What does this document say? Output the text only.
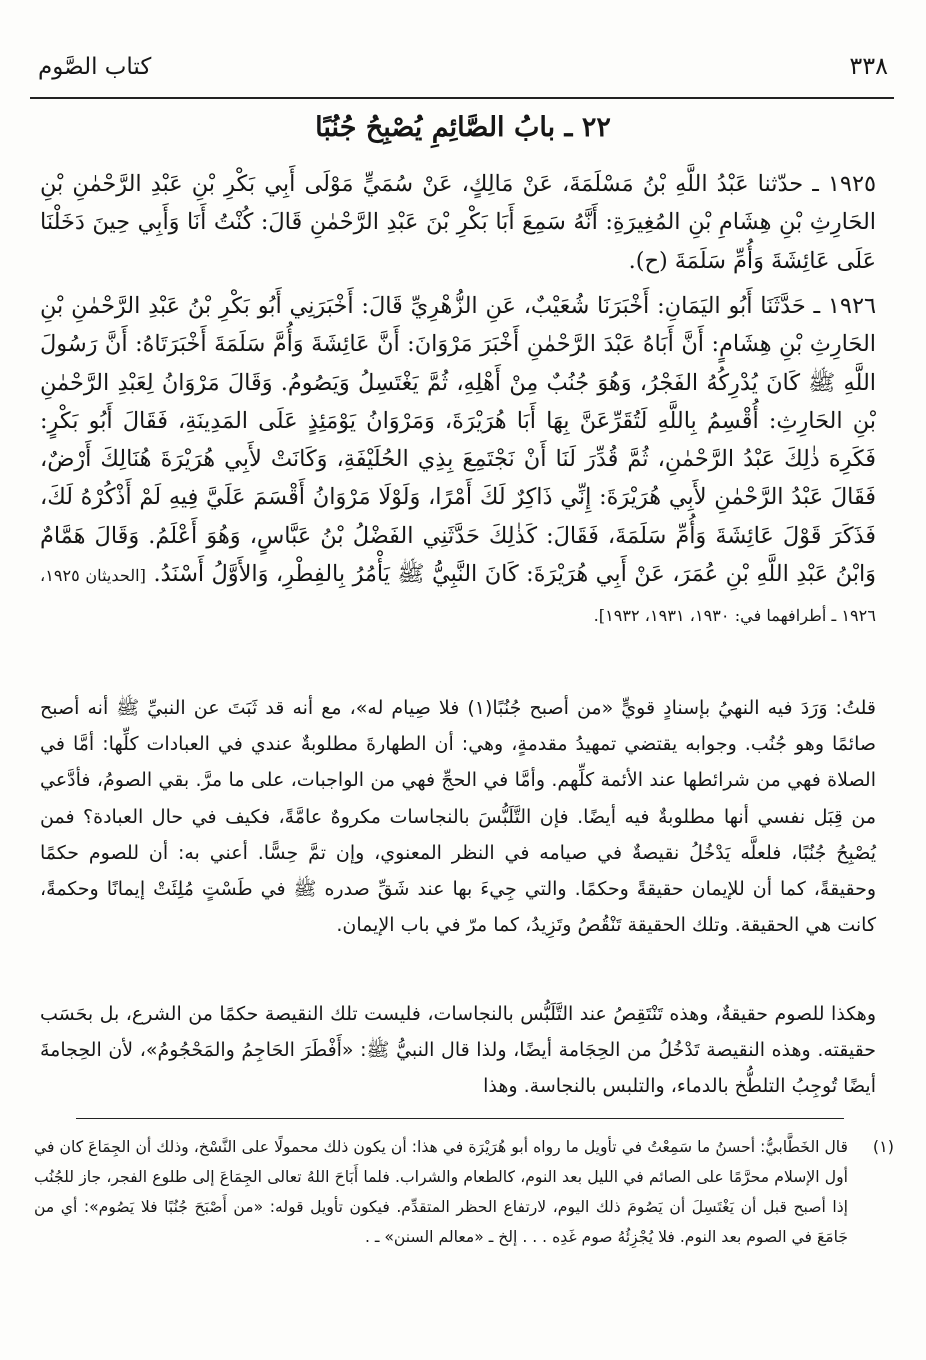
٣٣٨
كتاب الصَّوم
٢٢ ـ بابُ الصَّائِمِ يُصْبِحُ جُنُبًا

١٩٢٥ ـ حدّثنا عَبْدُ اللَّهِ بْنُ مَسْلَمَةَ، عَنْ مَالِكٍ، عَنْ سُمَيٍّ مَوْلَى أَبِي بَكْرِ بْنِ عَبْدِ الرَّحْمٰنِ بْنِ الحَارِثِ بْنِ هِشَامِ بْنِ المُغِيرَةِ: أَنَّهُ سَمِعَ أَبَا بَكْرِ بْنَ عَبْدِ الرَّحْمٰنِ قَالَ: كُنْتُ أَنَا وَأَبِي حِينَ دَخَلْنَا عَلَى عَائِشَةَ وَأُمِّ سَلَمَةَ (ح).

١٩٢٦ ـ حَدَّثَنَا أَبُو اليَمَانِ: أَخْبَرَنَا شُعَيْبٌ، عَنِ الزُّهْرِيِّ قَالَ: أَخْبَرَنِي أَبُو بَكْرِ بْنُ عَبْدِ الرَّحْمٰنِ بْنِ الحَارِثِ بْنِ هِشَامٍ: أَنَّ أَبَاهُ عَبْدَ الرَّحْمٰنِ أَخْبَرَ مَرْوَانَ: أَنَّ عَائِشَةَ وَأُمَّ سَلَمَةَ أَخْبَرَتَاهُ: أَنَّ رَسُولَ اللَّهِ ﷺ كَانَ يُدْرِكُهُ الفَجْرُ، وَهُوَ جُنُبٌ مِنْ أَهْلِهِ، ثُمَّ يَغْتَسِلُ وَيَصُومُ. وَقَالَ مَرْوَانُ لِعَبْدِ الرَّحْمٰنِ بْنِ الحَارِثِ: أُقْسِمُ بِاللَّهِ لَتُقَرِّعَنَّ بِهَا أَبَا هُرَيْرَةَ، وَمَرْوَانُ يَوْمَئِذٍ عَلَى المَدِينَةِ، فَقَالَ أَبُو بَكْرٍ: فَكَرِهَ ذٰلِكَ عَبْدُ الرَّحْمٰنِ، ثُمَّ قُدِّرَ لَنَا أَنْ نَجْتَمِعَ بِذِي الحُلَيْفَةِ، وَكَانَتْ لأَبِي هُرَيْرَةَ هُنَالِكَ أَرْضٌ، فَقَالَ عَبْدُ الرَّحْمٰنِ لأَبِي هُرَيْرَةَ: إِنِّي ذَاكِرٌ لَكَ أَمْرًا، وَلَوْلَا مَرْوَانُ أَقْسَمَ عَلَيَّ فِيهِ لَمْ أَذْكُرْهُ لَكَ، فَذَكَرَ قَوْلَ عَائِشَةَ وَأُمِّ سَلَمَةَ، فَقَالَ: كَذٰلِكَ حَدَّثَنِي الفَضْلُ بْنُ عَبَّاسٍ، وَهُوَ أَعْلَمُ. وَقَالَ هَمَّامٌ وَابْنُ عَبْدِ اللَّهِ بْنِ عُمَرَ، عَنْ أَبِي هُرَيْرَةَ: كَانَ النَّبِيُّ ﷺ يَأْمُرُ بِالفِطْرِ، وَالأَوَّلُ أَسْنَدُ. [الحديثان ١٩٢٥، ١٩٢٦ ـ أطرافهما في: ١٩٣٠، ١٩٣١، ١٩٣٢].

قلتُ: وَرَدَ فيه النهيُ بإسنادٍ قويٍّ «من أصبح جُنُبًا(١) فلا صِيام له»، مع أنه قد ثَبَتَ عن النبيِّ ﷺ أنه أصبح صائمًا وهو جُنُب. وجوابه يقتضي تمهيدُ مقدمةٍ، وهي: أن الطهارةَ مطلوبةٌ عندي في العبادات كلِّها: أمَّا في الصلاة فهي من شرائطها عند الأئمة كلِّهم. وأمَّا في الحجِّ فهي من الواجبات، على ما مرَّ. بقي الصومُ، فأدَّعي من قِبَل نفسي أنها مطلوبةٌ فيه أيضًا. فإن التَّلَبُّسَ بالنجاسات مكروهٌ عامَّةً، فكيف في حال العبادة؟ فمن يُصْبِحُ جُنُبًا، فلعلَّه يَدْخُلُ نقيصةٌ في صيامه في النظر المعنوي، وإن تمَّ حِسًّا. أعني به: أن للصوم حكمًا وحقيقةً، كما أن للإيمان حقيقةً وحكمًا. والتي جِيءَ بها عند شَقِّ صدره ﷺ في طَسْتٍ مُلِئَتْ إيمانًا وحكمةً، كانت هي الحقيقة. وتلك الحقيقة تَنْقُصُ وتَزِيدُ، كما مرّ في باب الإيمان.

وهكذا للصوم حقيقةٌ، وهذه تَنْتَقِصُ عند التَّلَبُّس بالنجاسات، فليست تلك النقيصة حكمًا من الشرع، بل بحَسَب حقيقته. وهذه النقيصة تَدْخُلُ من الحِجَامة أيضًا، ولذا قال النبيُّ ﷺ: «أَفْطَرَ الحَاجِمُ والمَحْجُومُ»، لأن الحِجامةَ أيضًا تُوجِبُ التلطُّخ بالدماء، والتلبس بالنجاسة. وهذا

(١)

قال الخَطَّابيُّ: أحسنُ ما سَمِعْتُ في تأويل ما رواه أبو هُرَيْرَة في هذا: أن يكون ذلك محمولًا على النَّسْخ، وذلك أن الجِمَاعَ كان في أول الإسلام محرَّمًا على الصائم في الليل بعد النوم، كالطعام والشراب. فلما أَبَاحَ اللهُ تعالى الجِمَاعَ إلى طلوع الفجر، جاز للجُنُب إذا أصبح قبل أن يَغْتَسِلَ أن يَصُومَ ذلك اليوم، لارتفاع الحظر المتقدِّم. فيكون تأويل قوله: «من أَصْبَحَ جُنُبًا فلا يَصُوم»: أي من جَامَعَ في الصوم بعد النوم. فلا يُجْزِئُهُ صوم غَدِه . . . إلخ ـ «معالم السنن» ـ .
